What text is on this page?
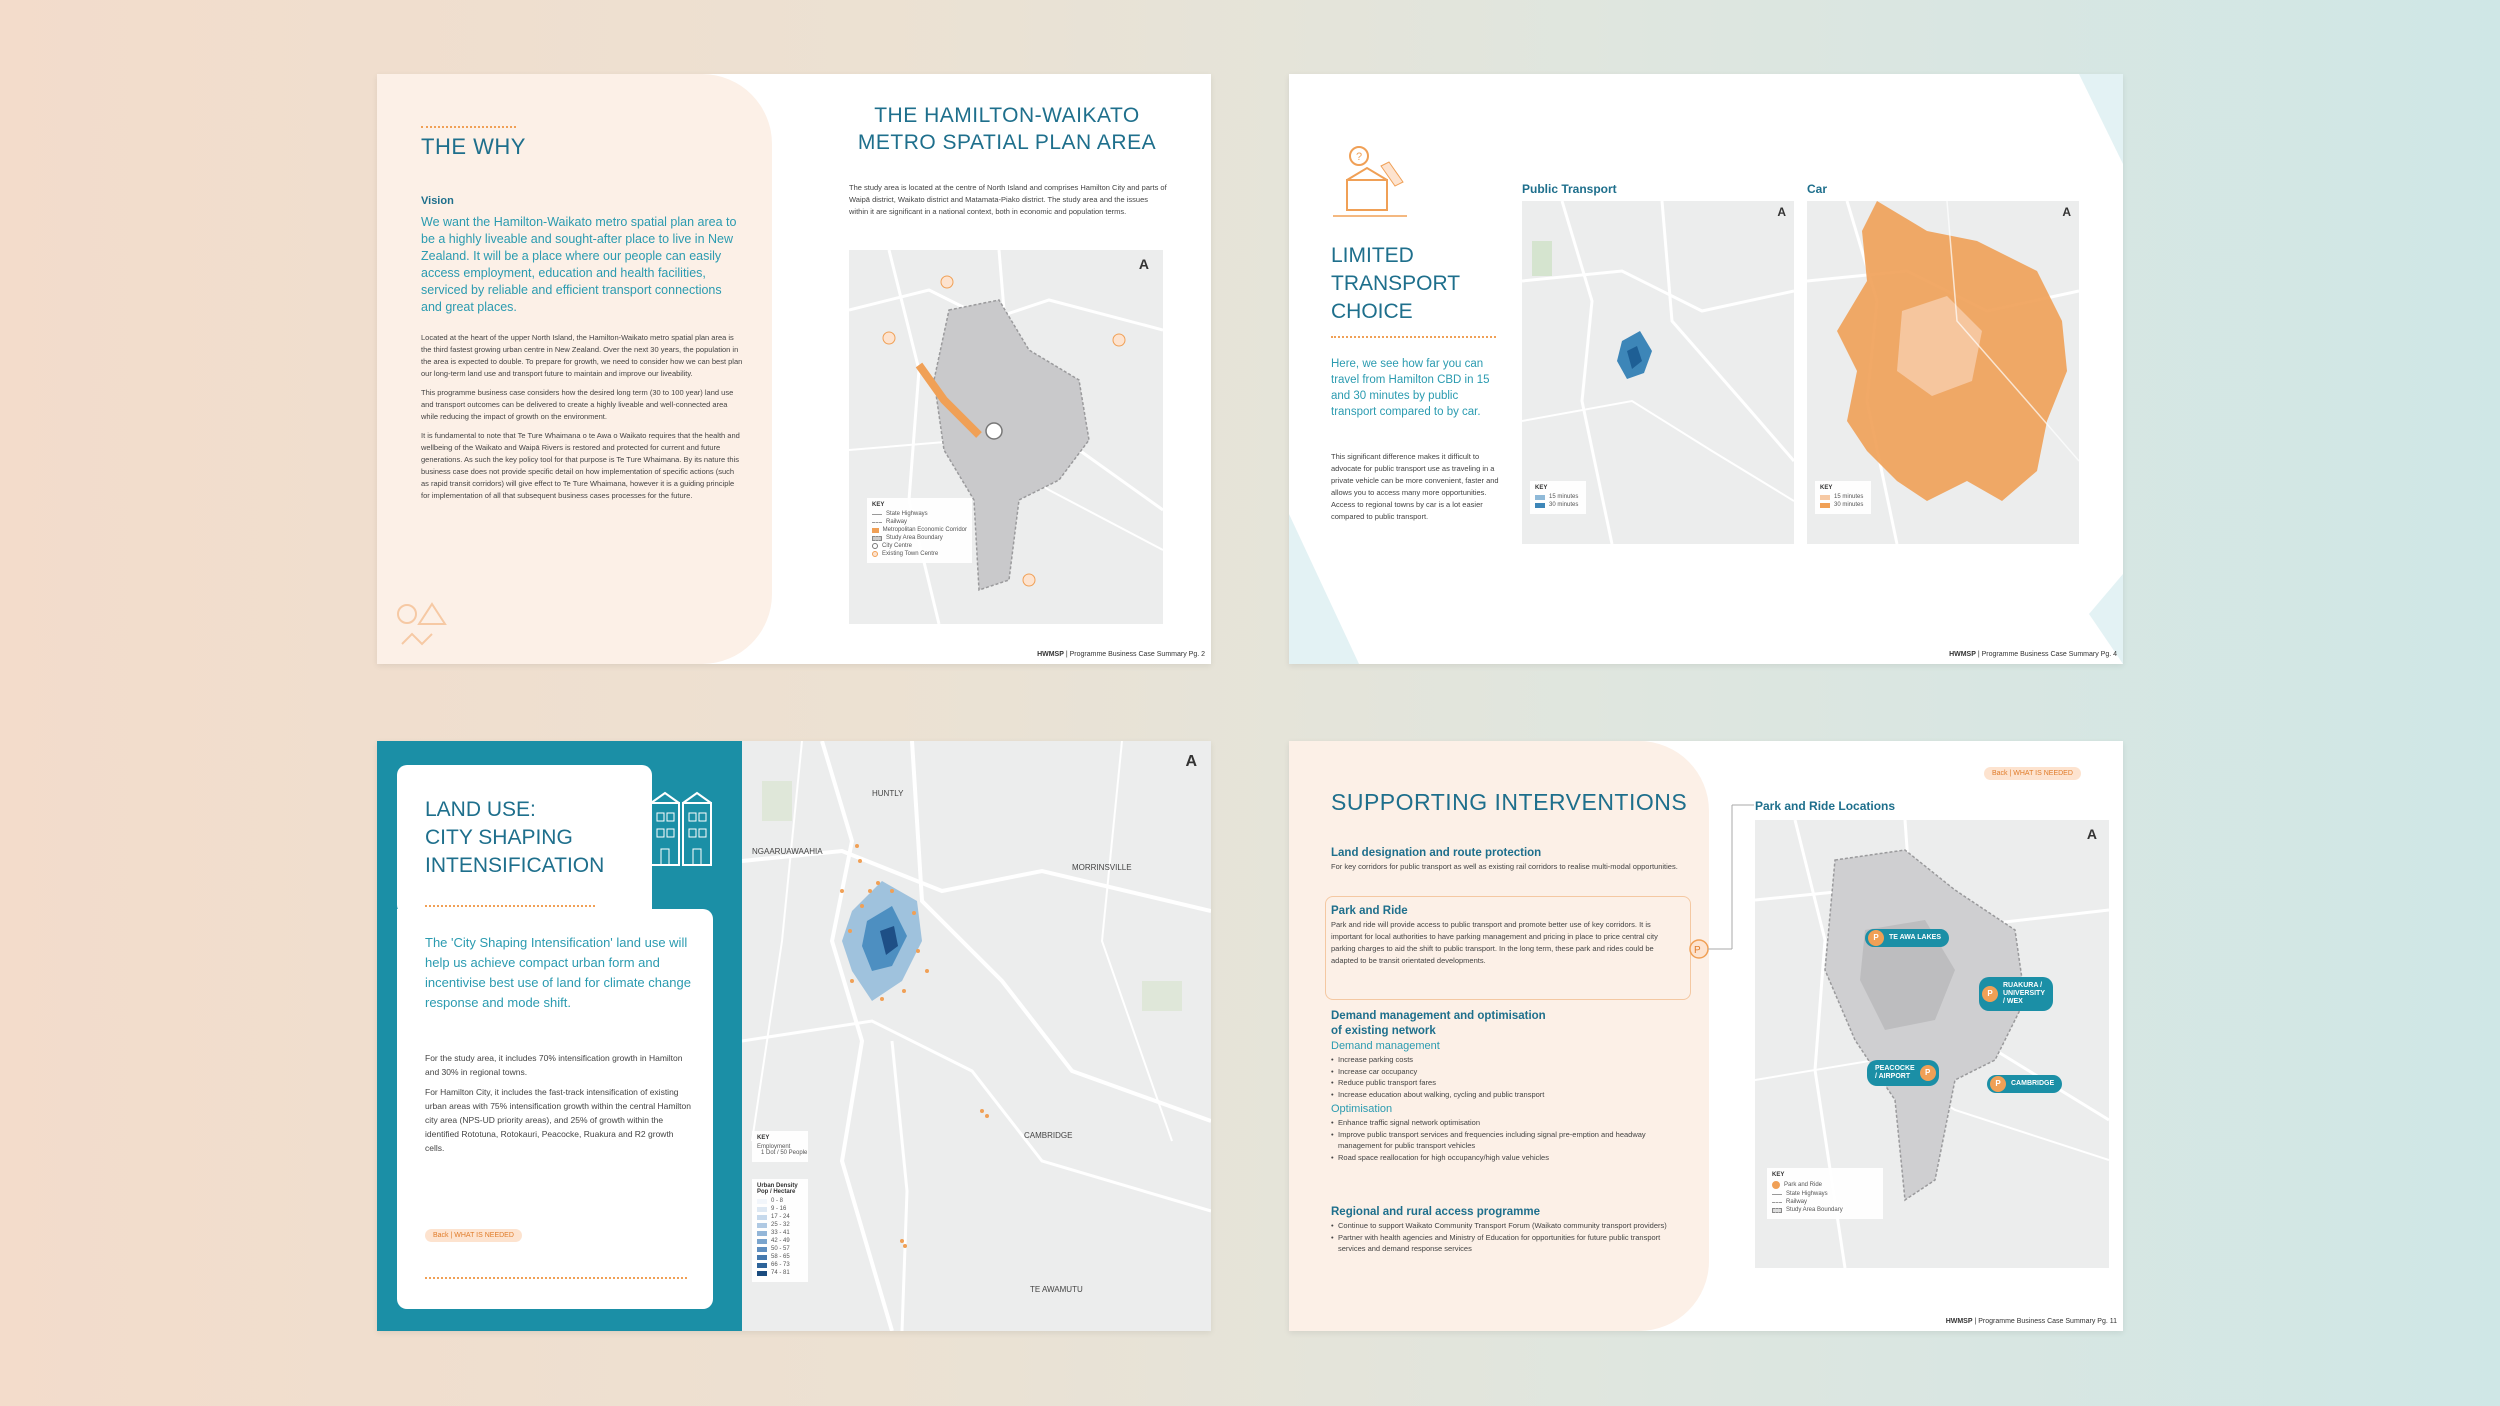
THE WHY
Vision
We want the Hamilton-Waikato metro spatial plan area to be a highly liveable and sought-after place to live in New Zealand. It will be a place where our people can easily access employment, education and health facilities, serviced by reliable and efficient transport connections and great places.

Located at the heart of the upper North Island, the Hamilton-Waikato metro spatial plan area is the third fastest growing urban centre in New Zealand. Over the next 30 years, the population in the area is expected to double. To prepare for growth, we need to consider how we can best plan our long-term land use and transport future to maintain and improve our liveability.

This programme business case considers how the desired long term (30 to 100 year) land use and transport outcomes can be delivered to create a highly liveable and well-connected area while reducing the impact of growth on the environment.

It is fundamental to note that Te Ture Whaimana o te Awa o Waikato requires that the health and wellbeing of the Waikato and Waipā Rivers is restored and protected for current and future generations. As such the key policy tool for that purpose is Te Ture Whaimana. By its nature this business case does not provide specific detail on how implementation of specific actions (such as rapid transit corridors) will give effect to Te Ture Whaimana, however it is a guiding principle for implementation of all that subsequent business cases processes for the future.

THE HAMILTON-WAIKATO
METRO SPATIAL PLAN AREA
The study area is located at the centre of North Island and comprises Hamilton City and parts of Waipā district, Waikato district and Matamata-Piako district. The study area and the issues within it are significant in a national context, both in economic and population terms.
A
KEY
State Highways
Railway
Metropolitan Economic Corridor
Study Area Boundary
City Centre
Existing Town Centre
HWMSP | Programme Business Case Summary Pg. 2
?
LIMITED
TRANSPORT
CHOICE
Here, we see how far you can travel from Hamilton CBD in 15 and 30 minutes by public transport compared to by car.
This significant difference makes it difficult to advocate for public transport use as traveling in a private vehicle can be more convenient, faster and allows you to access many more opportunities. Access to regional towns by car is a lot easier compared to public transport.
Public Transport
A
KEY
15 minutes
30 minutes
Car
A
KEY
15 minutes
30 minutes
HWMSP | Programme Business Case Summary Pg. 4
LAND USE:
CITY SHAPING
INTENSIFICATION
The 'City Shaping Intensification' land use will help us achieve compact urban form and incentivise best use of land for climate change response and mode shift.

For the study area, it includes 70% intensification growth in Hamilton and 30% in regional towns.

For Hamilton City, it includes the fast-track intensification of existing urban areas with 75% intensification growth within the central Hamilton city area (NPS-UD priority areas), and 25% of growth within the identified Rototuna, Rotokauri, Peacocke, Ruakura and R2 growth cells.

Back | WHAT IS NEEDED
A
HUNTLY
NGAARUAWAAHIA
MORRINSVILLE
CAMBRIDGE
TE AWAMUTU
KEY
Employment
1 Dot / 50 People
Urban Density Pop / Hectare
0 - 8
9 - 16
17 - 24
25 - 32
33 - 41
42 - 49
50 - 57
58 - 65
66 - 73
74 - 81
SUPPORTING INTERVENTIONS
Land designation and route protection
For key corridors for public transport as well as existing rail corridors to realise multi-modal opportunities.
Park and Ride
Park and ride will provide access to public transport and promote better use of key corridors. It is important for local authorities to have parking management and pricing in place to price central city parking charges to aid the shift to public transport. In the long term, these park and rides could be adapted to be transit orientated developments.
P
Demand management and optimisation
of existing network
Demand management
• Increase parking costs
• Increase car occupancy
• Reduce public transport fares
• Increase education about walking, cycling and public transport
Optimisation
• Enhance traffic signal network optimisation
• Improve public transport services and frequencies including signal pre-emption and headway management for public transport vehicles
• Road space reallocation for high occupancy/high value vehicles
Regional and rural access programme
• Continue to support Waikato Community Transport Forum (Waikato community transport providers)
• Partner with health agencies and Ministry of Education for opportunities for future public transport services and demand response services
Back | WHAT IS NEEDED
Park and Ride Locations
A
P	TE AWA LAKES
P
RUAKURA /
UNIVERSITY
/ WEX
PEACOCKE
/ AIRPORT	P
P	CAMBRIDGE
KEY
Park and Ride
State Highways
Railway
Study Area Boundary
HWMSP | Programme Business Case Summary Pg. 11
